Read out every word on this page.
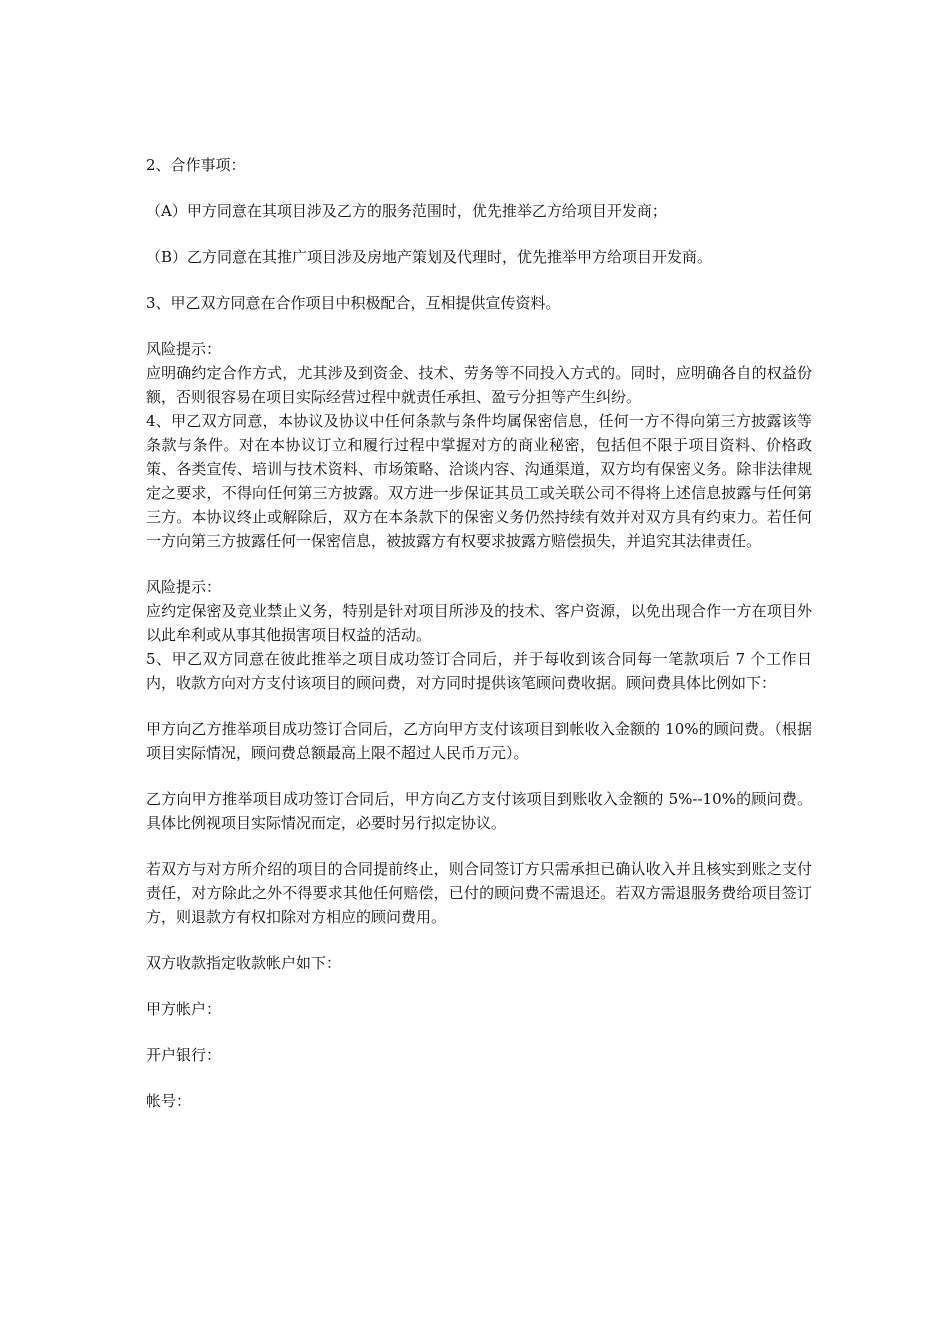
2、合作事项：

（A）甲方同意在其项目涉及乙方的服务范围时，优先推举乙方给项目开发商；

（B）乙方同意在其推广项目涉及房地产策划及代理时，优先推举甲方给项目开发商。

3、甲乙双方同意在合作项目中积极配合，互相提供宣传资料。

风险提示：

应明确约定合作方式，尤其涉及到资金、技术、劳务等不同投入方式的。同时，应明确各自的权益份额，否则很容易在项目实际经营过程中就责任承担、盈亏分担等产生纠纷。

4、甲乙双方同意，本协议及协议中任何条款与条件均属保密信息，任何一方不得向第三方披露该等条款与条件。对在本协议订立和履行过程中掌握对方的商业秘密，包括但不限于项目资料、价格政策、各类宣传、培训与技术资料、市场策略、洽谈内容、沟通渠道，双方均有保密义务。除非法律规定之要求，不得向任何第三方披露。双方进一步保证其员工或关联公司不得将上述信息披露与任何第三方。本协议终止或解除后，双方在本条款下的保密义务仍然持续有效并对双方具有约束力。若任何一方向第三方披露任何一保密信息，被披露方有权要求披露方赔偿损失，并追究其法律责任。

风险提示：

应约定保密及竞业禁止义务，特别是针对项目所涉及的技术、客户资源，以免出现合作一方在项目外以此牟利或从事其他损害项目权益的活动。

5、甲乙双方同意在彼此推举之项目成功签订合同后，并于每收到该合同每一笔款项后 7 个工作日内，收款方向对方支付该项目的顾问费，对方同时提供该笔顾问费收据。顾问费具体比例如下：

甲方向乙方推举项目成功签订合同后，乙方向甲方支付该项目到帐收入金额的 10%的顾问费。（根据项目实际情况，顾问费总额最高上限不超过人民币万元）。

乙方向甲方推举项目成功签订合同后，甲方向乙方支付该项目到账收入金额的 5%--10%的顾问费。具体比例视项目实际情况而定，必要时另行拟定协议。

若双方与对方所介绍的项目的合同提前终止，则合同签订方只需承担已确认收入并且核实到账之支付责任，对方除此之外不得要求其他任何赔偿，已付的顾问费不需退还。若双方需退服务费给项目签订方，则退款方有权扣除对方相应的顾问费用。

双方收款指定收款帐户如下：

甲方帐户：

开户银行：

帐号：
